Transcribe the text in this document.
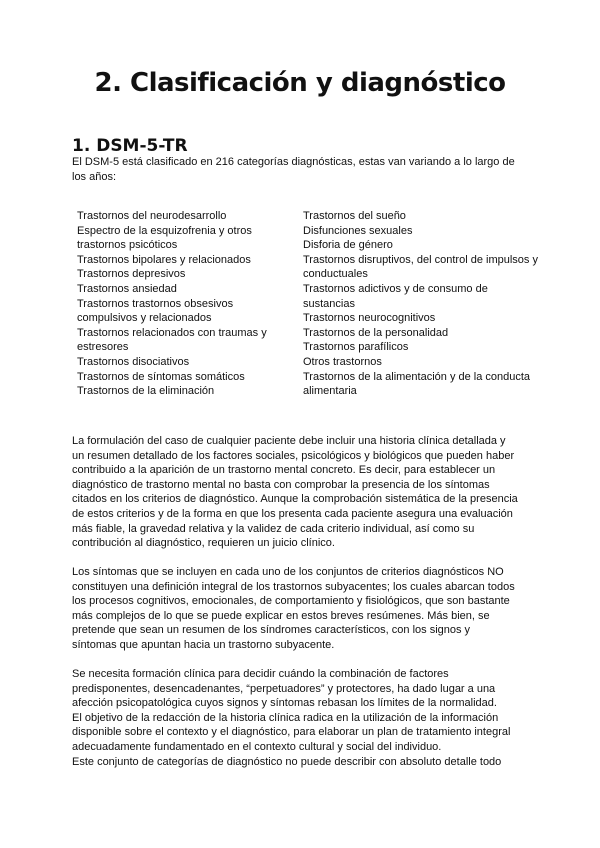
2. Clasificación y diagnóstico
1. DSM-5-TR
El DSM-5 está clasificado en 216 categorías diagnósticas, estas van variando a lo largo de
los años:
Trastornos del neurodesarrollo
Espectro de la esquizofrenia y otros
trastornos psicóticos
Trastornos bipolares y relacionados
Trastornos depresivos
Trastornos ansiedad
Trastornos trastornos obsesivos
compulsivos y relacionados
Trastornos relacionados con traumas y
estresores
Trastornos disociativos
Trastornos de síntomas somáticos
Trastornos de la eliminación
Trastornos del sueño
Disfunciones sexuales
Disforia de género
Trastornos disruptivos, del control de impulsos y
conductuales
Trastornos adictivos y de consumo de
sustancias
Trastornos neurocognitivos
Trastornos de la personalidad
Trastornos parafílicos
Otros trastornos
Trastornos de la alimentación y de la conducta
alimentaria
La formulación del caso de cualquier paciente debe incluir una historia clínica detallada y
un resumen detallado de los factores sociales, psicológicos y biológicos que pueden haber
contribuido a la aparición de un trastorno mental concreto. Es decir, para establecer un
diagnóstico de trastorno mental no basta con comprobar la presencia de los síntomas
citados en los criterios de diagnóstico. Aunque la comprobación sistemática de la presencia
de estos criterios y de la forma en que los presenta cada paciente asegura una evaluación
más fiable, la gravedad relativa y la validez de cada criterio individual, así como su
contribución al diagnóstico, requieren un juicio clínico.
Los síntomas que se incluyen en cada uno de los conjuntos de criterios diagnósticos NO
constituyen una definición integral de los trastornos subyacentes; los cuales abarcan todos
los procesos cognitivos, emocionales, de comportamiento y fisiológicos, que son bastante
más complejos de lo que se puede explicar en estos breves resúmenes. Más bien, se
pretende que sean un resumen de los síndromes característicos, con los signos y
síntomas que apuntan hacia un trastorno subyacente.
Se necesita formación clínica para decidir cuándo la combinación de factores
predisponentes, desencadenantes, “perpetuadores” y protectores, ha dado lugar a una
afección psicopatológica cuyos signos y síntomas rebasan los límites de la normalidad.
El objetivo de la redacción de la historia clínica radica en la utilización de la información
disponible sobre el contexto y el diagnóstico, para elaborar un plan de tratamiento integral
adecuadamente fundamentado en el contexto cultural y social del individuo.
Este conjunto de categorías de diagnóstico no puede describir con absoluto detalle todo
